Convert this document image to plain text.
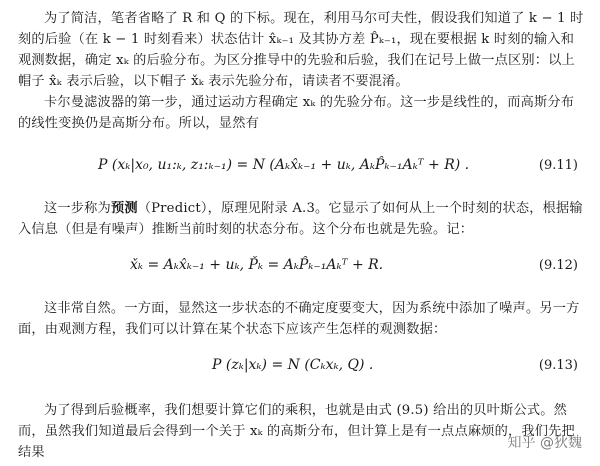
为了简洁，笔者省略了 R 和 Q 的下标。现在，利用马尔可夫性，假设我们知道了 k − 1 时刻的后验（在 k − 1 时刻看来）状态估计 x̂ₖ₋₁ 及其协方差 P̂ₖ₋₁，现在要根据 k 时刻的输入和观测数据，确定 xₖ 的后验分布。为区分推导中的先验和后验，我们在记号上做一点区别：以上帽子 x̂ₖ 表示后验，以下帽子 x̌ₖ 表示先验分布，请读者不要混淆。

卡尔曼滤波器的第一步，通过运动方程确定 xₖ 的先验分布。这一步是线性的，而高斯分布的线性变换仍是高斯分布。所以，显然有

P (xₖ|x₀, u₁:ₖ, z₁:ₖ₋₁) = N (Aₖx̂ₖ₋₁ + uₖ, AₖP̂ₖ₋₁Aₖᵀ + R) .	(9.11)

这一步称为预测（Predict），原理见附录 A.3。它显示了如何从上一个时刻的状态，根据输入信息（但是有噪声）推断当前时刻的状态分布。这个分布也就是先验。记：

x̌ₖ = Aₖx̂ₖ₋₁ + uₖ, P̌ₖ = AₖP̂ₖ₋₁Aₖᵀ + R.	(9.12)

这非常自然。一方面，显然这一步状态的不确定度要变大，因为系统中添加了噪声。另一方面，由观测方程，我们可以计算在某个状态下应该产生怎样的观测数据：

P (zₖ|xₖ) = N (Cₖxₖ, Q) .	(9.13)

为了得到后验概率，我们想要计算它们的乘积，也就是由式 (9.5) 给出的贝叶斯公式。然而，虽然我们知道最后会得到一个关于 xₖ 的高斯分布，但计算上是有一点点麻烦的，我们先把结果

知乎 @狄魏
